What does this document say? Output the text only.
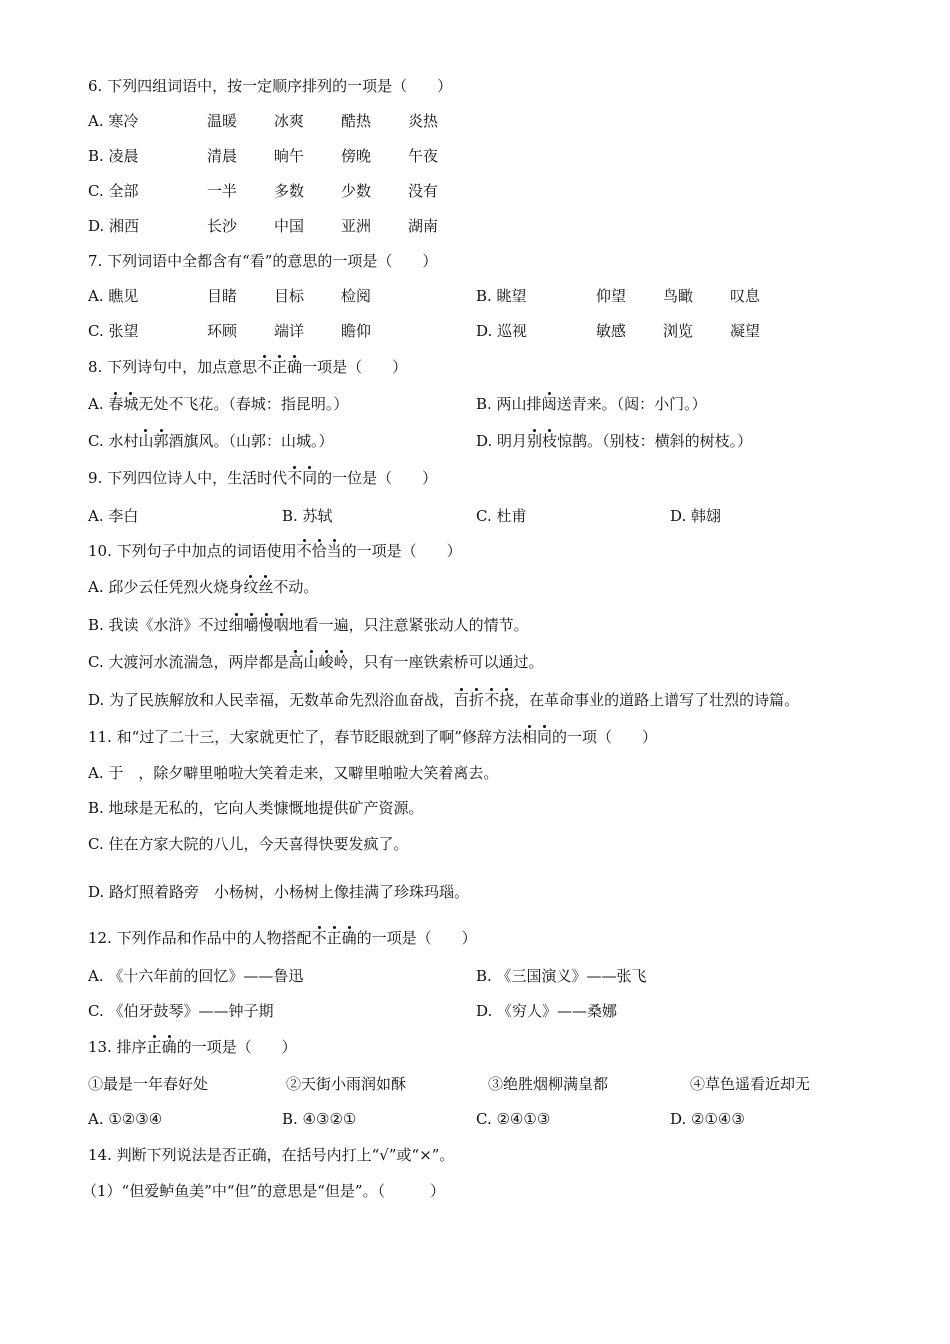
6. 下列四组词语中，按一定顺序排列的一项是（　　）
A. 寒冷	温暖 冰爽 酷热 炎热
B. 凌晨	清晨 晌午 傍晚 午夜
C. 全部	一半 多数 少数 没有
D. 湘西	长沙 中国 亚洲 湖南
7. 下列词语中全都含有“看”的意思的一项是（　　）
A. 瞧见	目睹 目标 检阅	B. 眺望	仰望 鸟瞰 叹息
C. 张望	环顾 端详 瞻仰	D. 巡视	敏感 浏览 凝望
8. 下列诗句中，加点意思不正确一项是（　　）
A. 春城无处不飞花。（春城：指昆明。）	B. 两山排闼送青来。（闼：小门。）
C. 水村山郭酒旗风。（山郭：山城。）	D. 明月别枝惊鹊。（别枝：横斜的树枝。）
9. 下列四位诗人中，生活时代不同的一位是（　　）
A. 李白	B. 苏轼	C. 杜甫	D. 韩翃
10. 下列句子中加点的词语使用不恰当的一项是（　　）
A. 邱少云任凭烈火烧身纹丝不动。
B. 我读《水浒》不过细嚼慢咽地看一遍，只注意紧张动人的情节。
C. 大渡河水流湍急，两岸都是高山峻岭，只有一座铁索桥可以通过。
D. 为了民族解放和人民幸福，无数革命先烈浴血奋战，百折不挠，在革命事业的道路上谱写了壮烈的诗篇。
11. 和“过了二十三，大家就更忙了，春节眨眼就到了啊”修辞方法相同的一项（　　）
A. 于　，除夕噼里啪啦大笑着走来，又噼里啪啦大笑着离去。
B. 地球是无私的，它向人类慷慨地提供矿产资源。
C. 住在方家大院的八儿，今天喜得快要发疯了。
D. 路灯照着路旁　小杨树，小杨树上像挂满了珍珠玛瑙。
12. 下列作品和作品中的人物搭配不正确的一项是（　　）
A. 《十六年前的回忆》——鲁迅	B. 《三国演义》——张飞
C. 《伯牙鼓琴》——钟子期	D. 《穷人》——桑娜
13. 排序正确的一项是（　　）
①最是一年春好处	②天街小雨润如酥	③绝胜烟柳满皇都	④草色遥看近却无
A. ①②③④	B. ④③②①	C. ②④①③	D. ②①④③
14. 判断下列说法是否正确，在括号内打上“√”或“×”。
（1）“但爱鲈鱼美”中“但”的意思是“但是”。（　　　）
